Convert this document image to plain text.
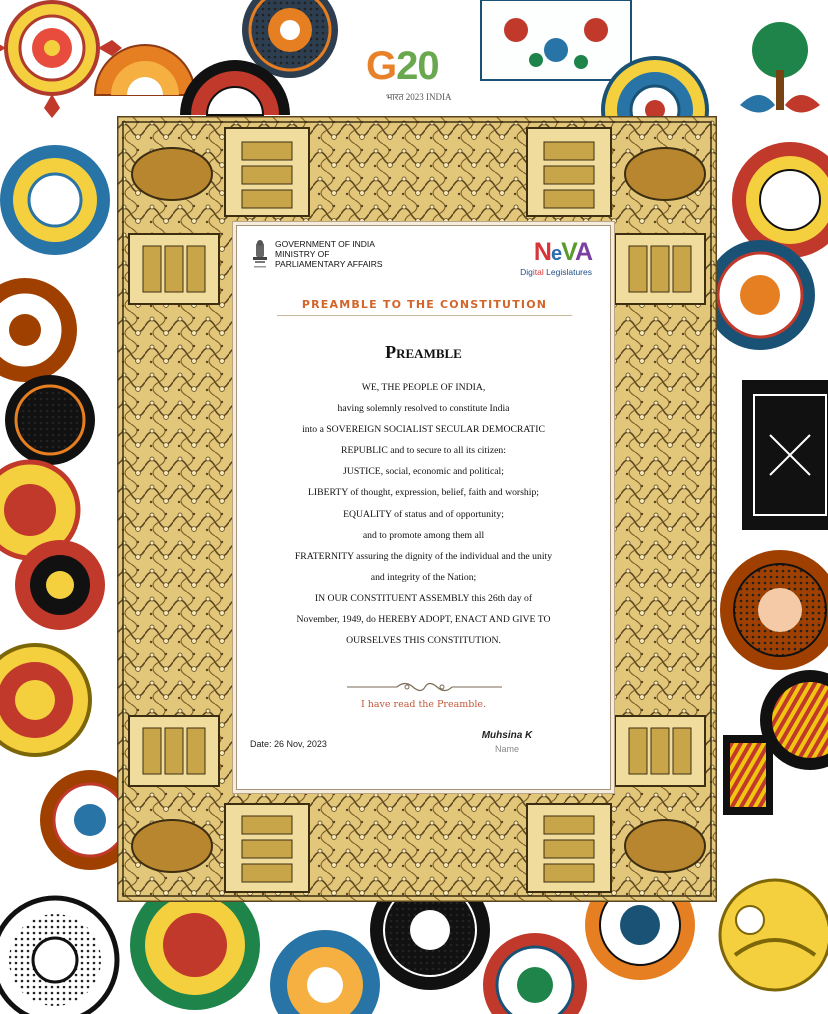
G20
भारत 2023 INDIA
GOVERNMENT OF INDIA
MINISTRY OF
PARLIAMENTARY AFFAIRS	NeVA
Digital Legislatures
PREAMBLE TO THE CONSTITUTION
Preamble
WE, THE PEOPLE OF INDIA,
having solemnly resolved to constitute India
into a SOVEREIGN SOCIALIST SECULAR DEMOCRATIC
REPUBLIC and to secure to all its citizen:
JUSTICE, social, economic and political;
LIBERTY of thought, expression, belief, faith and worship;
EQUALITY of status and of opportunity;
and to promote among them all
FRATERNITY assuring the dignity of the individual and the unity
and integrity of the Nation;
IN OUR CONSTITUENT ASSEMBLY this 26th day of
November, 1949, do HEREBY ADOPT, ENACT AND GIVE TO
OURSELVES THIS CONSTITUTION.
I have read the Preamble.
Date: 26 Nov, 2023
Muhsina K
Name
